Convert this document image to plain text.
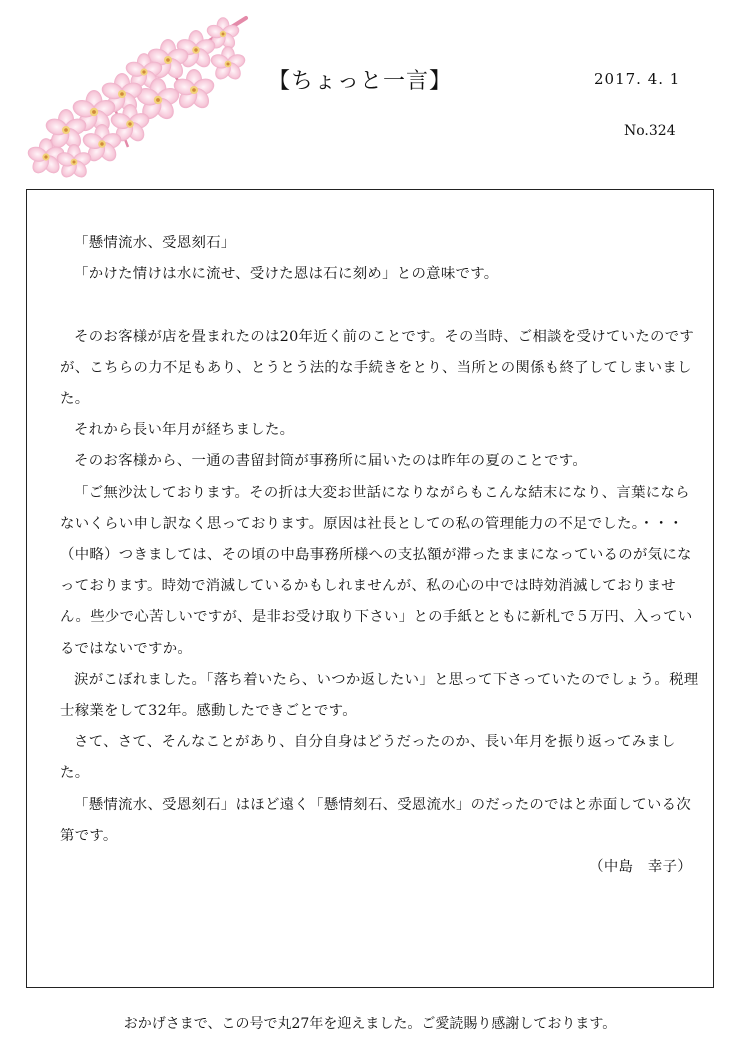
【ちょっと一言】	2017. 4. 1
No.324

「懸情流水、受恩刻石」

「かけた情けは水に流せ、受けた恩は石に刻め」との意味です。

そのお客様が店を畳まれたのは20年近く前のことです。その当時、ご相談を受けていたのですが、こちらの力不足もあり、とうとう法的な手続きをとり、当所との関係も終了してしまいました。

それから長い年月が経ちました。

そのお客様から、一通の書留封筒が事務所に届いたのは昨年の夏のことです。

「ご無沙汰しております。その折は大変お世話になりながらもこんな結末になり、言葉にならないくらい申し訳なく思っております。原因は社長としての私の管理能力の不足でした。・・・（中略）つきましては、その頃の中島事務所様への支払額が滞ったままになっているのが気になっております。時効で消滅しているかもしれませんが、私の心の中では時効消滅しておりません。些少で心苦しいですが、是非お受け取り下さい」との手紙とともに新札で５万円、入っているではないですか。

涙がこぼれました。「落ち着いたら、いつか返したい」と思って下さっていたのでしょう。税理士稼業をして32年。感動したできごとです。

さて、さて、そんなことがあり、自分自身はどうだったのか、長い年月を振り返ってみました。

「懸情流水、受恩刻石」はほど遠く「懸情刻石、受恩流水」のだったのではと赤面している次第です。

（中島　幸子）

おかげさまで、この号で丸27年を迎えました。ご愛読賜り感謝しております。
